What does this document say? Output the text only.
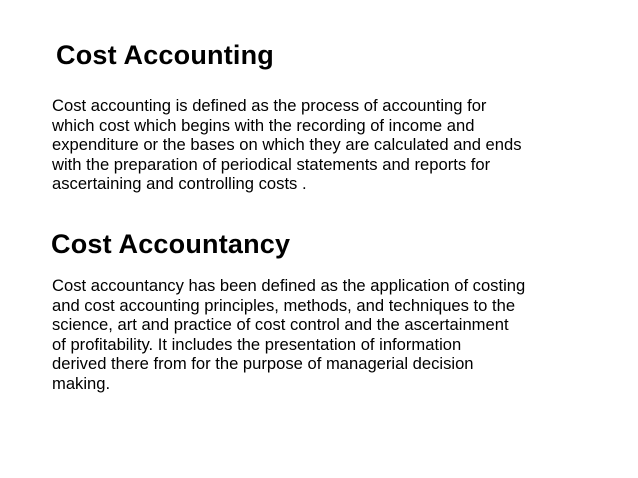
Cost Accounting

Cost accounting is defined as the process of accounting for
which cost which begins with the recording of income and
expenditure or the bases on which they are calculated and ends
with the preparation of periodical statements and reports for
ascertaining and controlling costs .

Cost Accountancy

Cost accountancy has been defined as the application of costing
and cost accounting principles, methods, and techniques to the
science, art and practice of cost control and the ascertainment
of profitability. It includes the presentation of information
derived there from for the purpose of managerial decision
making.
